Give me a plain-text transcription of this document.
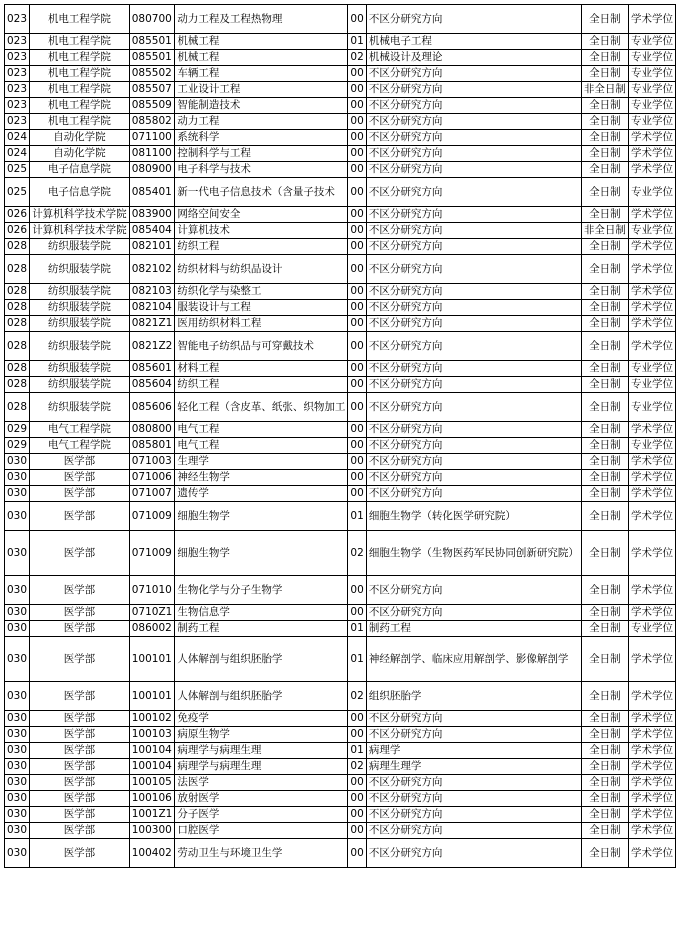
023	机电工程学院	080700	动力工程及工程热物理	00	不区分研究方向	全日制	学术学位
023	机电工程学院	085501	机械工程	01	机械电子工程	全日制	专业学位
023	机电工程学院	085501	机械工程	02	机械设计及理论	全日制	专业学位
023	机电工程学院	085502	车辆工程	00	不区分研究方向	全日制	专业学位
023	机电工程学院	085507	工业设计工程	00	不区分研究方向	非全日制	专业学位
023	机电工程学院	085509	智能制造技术	00	不区分研究方向	全日制	专业学位
023	机电工程学院	085802	动力工程	00	不区分研究方向	全日制	专业学位
024	自动化学院	071100	系统科学	00	不区分研究方向	全日制	学术学位
024	自动化学院	081100	控制科学与工程	00	不区分研究方向	全日制	学术学位
025	电子信息学院	080900	电子科学与技术	00	不区分研究方向	全日制	学术学位
025	电子信息学院	085401	新一代电子信息技术（含量子技术	00	不区分研究方向	全日制	专业学位
026	计算机科学技术学院	083900	网络空间安全	00	不区分研究方向	全日制	学术学位
026	计算机科学技术学院	085404	计算机技术	00	不区分研究方向	非全日制	专业学位
028	纺织服装学院	082101	纺织工程	00	不区分研究方向	全日制	学术学位
028	纺织服装学院	082102	纺织材料与纺织品设计	00	不区分研究方向	全日制	学术学位
028	纺织服装学院	082103	纺织化学与染整工	00	不区分研究方向	全日制	学术学位
028	纺织服装学院	082104	服装设计与工程	00	不区分研究方向	全日制	学术学位
028	纺织服装学院	0821Z1	医用纺织材料工程	00	不区分研究方向	全日制	学术学位
028	纺织服装学院	0821Z2	智能电子纺织品与可穿戴技术	00	不区分研究方向	全日制	学术学位
028	纺织服装学院	085601	材料工程	00	不区分研究方向	全日制	专业学位
028	纺织服装学院	085604	纺织工程	00	不区分研究方向	全日制	专业学位
028	纺织服装学院	085606	轻化工程（含皮革、纸张、织物加工	00	不区分研究方向	全日制	专业学位
029	电气工程学院	080800	电气工程	00	不区分研究方向	全日制	学术学位
029	电气工程学院	085801	电气工程	00	不区分研究方向	全日制	专业学位
030	医学部	071003	生理学	00	不区分研究方向	全日制	学术学位
030	医学部	071006	神经生物学	00	不区分研究方向	全日制	学术学位
030	医学部	071007	遗传学	00	不区分研究方向	全日制	学术学位
030	医学部	071009	细胞生物学	01	细胞生物学（转化医学研究院）	全日制	学术学位
030	医学部	071009	细胞生物学	02	细胞生物学（生物医药军民协同创新研究院）	全日制	学术学位
030	医学部	071010	生物化学与分子生物学	00	不区分研究方向	全日制	学术学位
030	医学部	0710Z1	生物信息学	00	不区分研究方向	全日制	学术学位
030	医学部	086002	制药工程	01	制药工程	全日制	专业学位
030	医学部	100101	人体解剖与组织胚胎学	01	神经解剖学、临床应用解剖学、影像解剖学	全日制	学术学位
030	医学部	100101	人体解剖与组织胚胎学	02	组织胚胎学	全日制	学术学位
030	医学部	100102	免疫学	00	不区分研究方向	全日制	学术学位
030	医学部	100103	病原生物学	00	不区分研究方向	全日制	学术学位
030	医学部	100104	病理学与病理生理	01	病理学	全日制	学术学位
030	医学部	100104	病理学与病理生理	02	病理生理学	全日制	学术学位
030	医学部	100105	法医学	00	不区分研究方向	全日制	学术学位
030	医学部	100106	放射医学	00	不区分研究方向	全日制	学术学位
030	医学部	1001Z1	分子医学	00	不区分研究方向	全日制	学术学位
030	医学部	100300	口腔医学	00	不区分研究方向	全日制	学术学位
030	医学部	100402	劳动卫生与环境卫生学	00	不区分研究方向	全日制	学术学位
